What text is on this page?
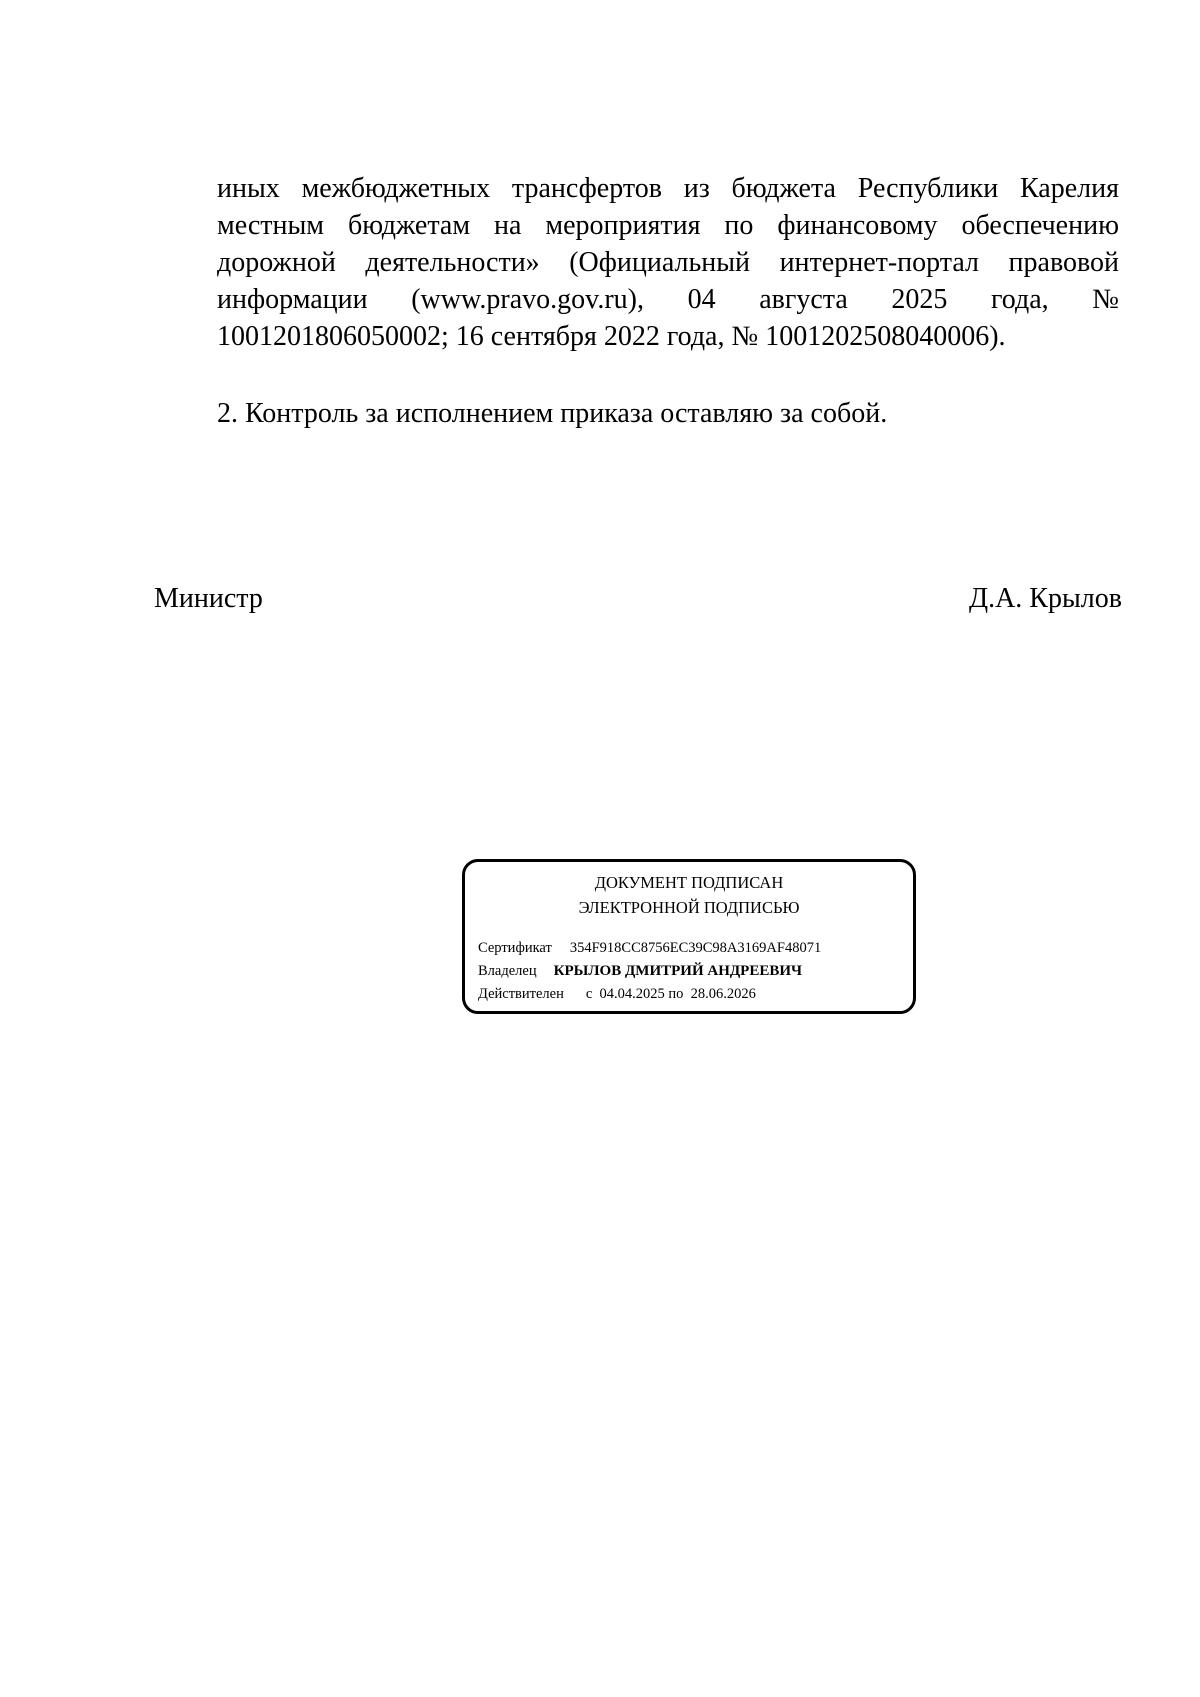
иных межбюджетных трансфертов из бюджета Республики Карелия
местным бюджетам на мероприятия по финансовому обеспечению
дорожной деятельности» (Официальный интернет-портал правовой
информации (www.pravo.gov.ru), 04 августа 2025 года, №
1001201806050002; 16 сентября 2022 года, № 1001202508040006).
2. Контроль за исполнением приказа оставляю за собой.
Министр	Д.А. Крылов
ДОКУМЕНТ ПОДПИСАН
ЭЛЕКТРОННОЙ ПОДПИСЬЮ
Сертификат 354F918CC8756EC39C98A3169AF48071
Владелец КРЫЛОВ ДМИТРИЙ АНДРЕЕВИЧ
Действителен с  04.04.2025 по  28.06.2026
